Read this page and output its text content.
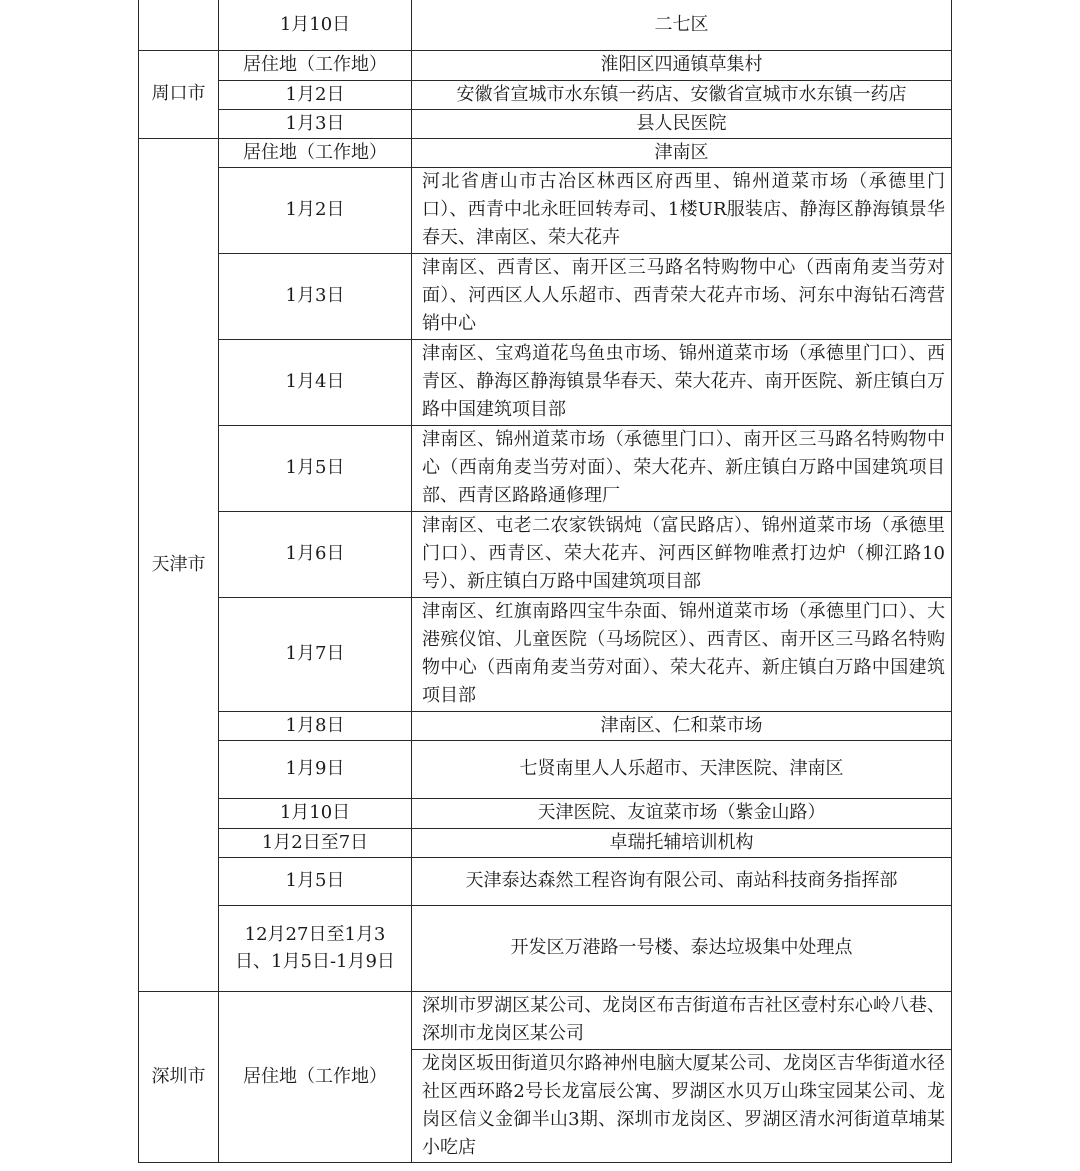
	1月10日	二七区
周口市	居住地（工作地）	淮阳区四通镇草集村
	1月2日	安徽省宣城市水东镇一药店、安徽省宣城市水东镇一药店
	1月3日	县人民医院
天津市	居住地（工作地）	津南区
	1月2日	河北省唐山市古冶区林西区府西里、锦州道菜市场（承德里门口）、西青中北永旺回转寿司、1楼UR服装店、静海区静海镇景华春天、津南区、荣大花卉
	1月3日	津南区、西青区、南开区三马路名特购物中心（西南角麦当劳对面）、河西区人人乐超市、西青荣大花卉市场、河东中海钻石湾营销中心
	1月4日	津南区、宝鸡道花鸟鱼虫市场、锦州道菜市场（承德里门口）、西青区、静海区静海镇景华春天、荣大花卉、南开医院、新庄镇白万路中国建筑项目部
	1月5日	津南区、锦州道菜市场（承德里门口）、南开区三马路名特购物中心（西南角麦当劳对面）、荣大花卉、新庄镇白万路中国建筑项目部、西青区路路通修理厂
	1月6日	津南区、屯老二农家铁锅炖（富民路店）、锦州道菜市场（承德里门口）、西青区、荣大花卉、河西区鲜物唯煮打边炉（柳江路10号）、新庄镇白万路中国建筑项目部
	1月7日	津南区、红旗南路四宝牛杂面、锦州道菜市场（承德里门口）、大港殡仪馆、儿童医院（马场院区）、西青区、南开区三马路名特购物中心（西南角麦当劳对面）、荣大花卉、新庄镇白万路中国建筑项目部
	1月8日	津南区、仁和菜市场
	1月9日	七贤南里人人乐超市、天津医院、津南区
	1月10日	天津医院、友谊菜市场（紫金山路）
	1月2日至7日	卓瑞托辅培训机构
	1月5日	天津泰达森然工程咨询有限公司、南站科技商务指挥部
	12月27日至1月3日、1月5日-1月9日	开发区万港路一号楼、泰达垃圾集中处理点
深圳市	居住地（工作地）	深圳市罗湖区某公司、龙岗区布吉街道布吉社区壹村东心岭八巷、深圳市龙岗区某公司
		龙岗区坂田街道贝尔路神州电脑大厦某公司、龙岗区吉华街道水径社区西环路2号长龙富辰公寓、罗湖区水贝万山珠宝园某公司、龙岗区信义金御半山3期、深圳市龙岗区、罗湖区清水河街道草埔某小吃店
